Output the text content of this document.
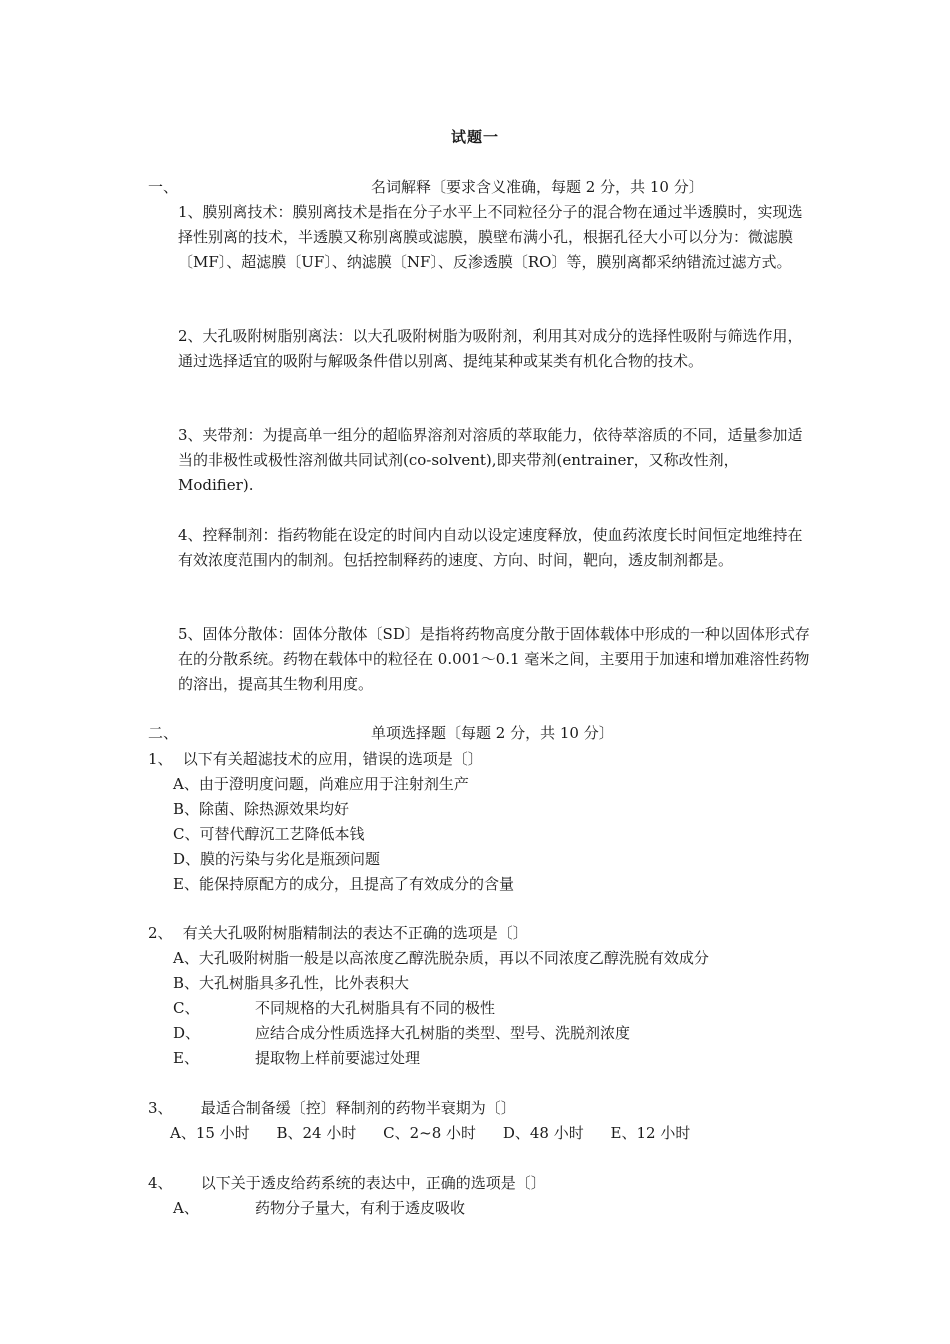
试题一
一、	名词解释〔要求含义准确，每题 2 分，共 10 分〕
1、膜别离技术：膜别离技术是指在分子水平上不同粒径分子的混合物在通过半透膜时，实现选择性别离的技术，半透膜又称别离膜或滤膜，膜壁布满小孔，根据孔径大小可以分为：微滤膜〔MF〕、超滤膜〔UF〕、纳滤膜〔NF〕、反渗透膜〔RO〕等，膜别离都采纳错流过滤方式。
2、大孔吸附树脂别离法：以大孔吸附树脂为吸附剂，利用其对成分的选择性吸附与筛选作用，通过选择适宜的吸附与解吸条件借以别离、提纯某种或某类有机化合物的技术。
3、夹带剂：为提高单一组分的超临界溶剂对溶质的萃取能力，依待萃溶质的不同，适量参加适当的非极性或极性溶剂做共同试剂(co-solvent),即夹带剂(entrainer，又称改性剂，Modifier).
4、控释制剂：指药物能在设定的时间内自动以设定速度释放，使血药浓度长时间恒定地维持在有效浓度范围内的制剂。包括控制释药的速度、方向、时间，靶向，透皮制剂都是。
5、固体分散体：固体分散体〔SD〕是指将药物高度分散于固体载体中形成的一种以固体形式存在的分散系统。药物在载体中的粒径在 0.001～0.1 毫米之间，主要用于加速和增加难溶性药物的溶出，提高其生物利用度。
二、	单项选择题〔每题 2 分，共 10 分〕
1、 以下有关超滤技术的应用，错误的选项是〔〕
A、由于澄明度问题，尚难应用于注射剂生产
B、除菌、除热源效果均好
C、可替代醇沉工艺降低本钱
D、膜的污染与劣化是瓶颈问题
E、能保持原配方的成分，且提高了有效成分的含量
2、 有关大孔吸附树脂精制法的表达不正确的选项是〔〕
A、大孔吸附树脂一般是以高浓度乙醇洗脱杂质，再以不同浓度乙醇洗脱有效成分
B、大孔树脂具多孔性，比外表积大
C、	不同规格的大孔树脂具有不同的极性
D、	应结合成分性质选择大孔树脂的类型、型号、洗脱剂浓度
E、	提取物上样前要滤过处理
3、 最适合制备缓〔控〕释制剂的药物半衰期为〔〕
A、15 小时 B、24 小时 C、2~8 小时 D、48 小时 E、12 小时
4、 以下关于透皮给药系统的表达中，正确的选项是〔〕
A、	药物分子量大，有利于透皮吸收
